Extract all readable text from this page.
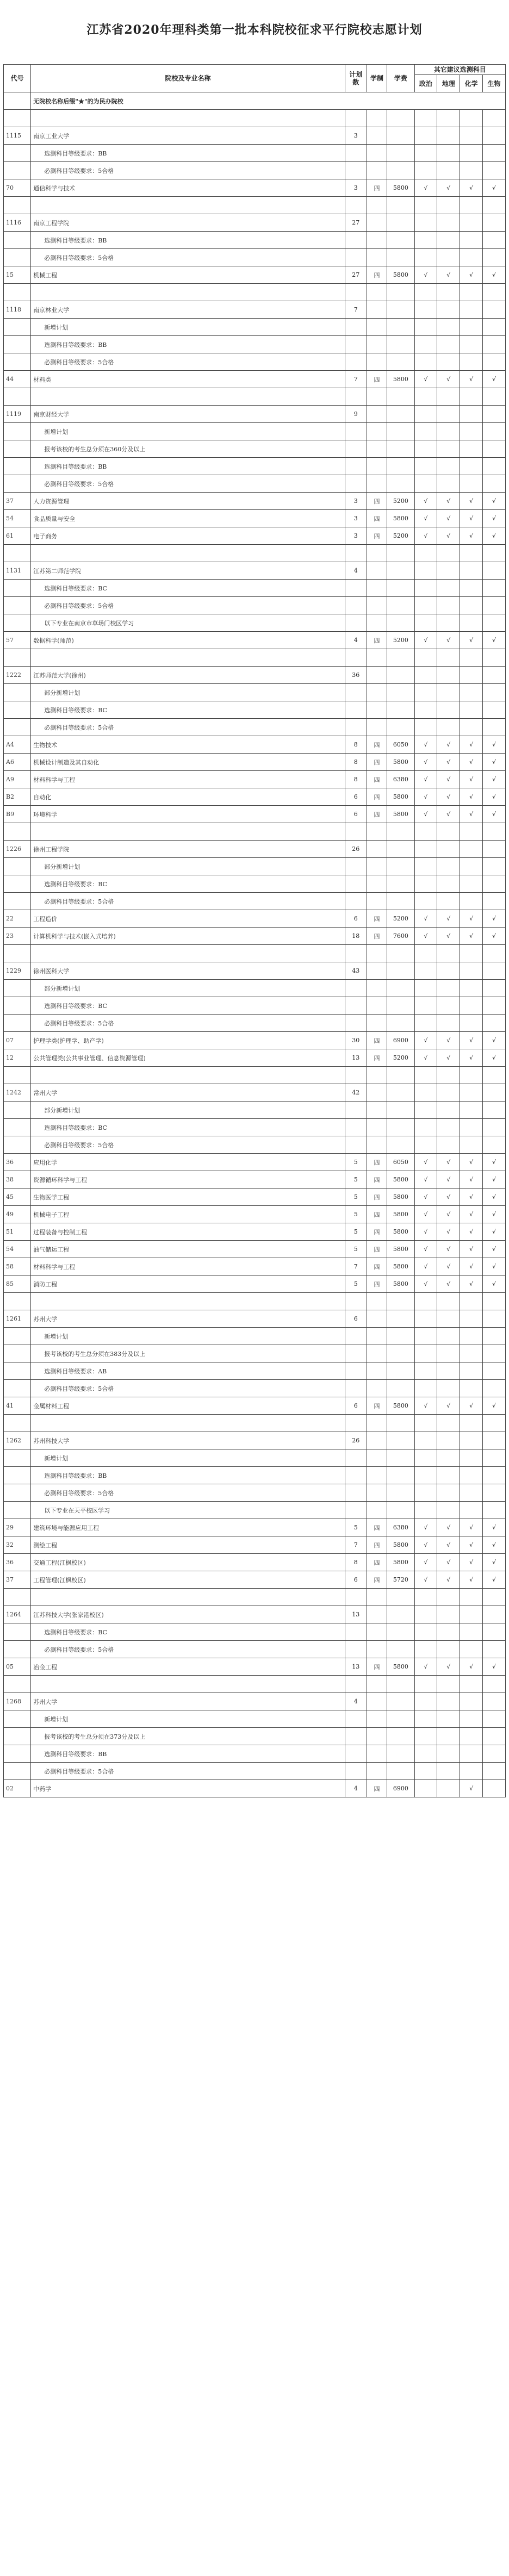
江苏省2020年理科类第一批本科院校征求平行院校志愿计划
代号	院校及专业名称	计划数	学制	学费	其它建议选测科目			
					政治	地理	化学	生物
	无院校名称后缀"★"的为民办院校							

1115	南京工业大学	3						
	选测科目等级要求：BB							
	必测科目等级要求：5合格							
70	通信科学与技术	3	四	5800	√	√	√	√

1116	南京工程学院	27						
	选测科目等级要求：BB							
	必测科目等级要求：5合格							
15	机械工程	27	四	5800	√	√	√	√

1118	南京林业大学	7						
	新增计划							
	选测科目等级要求：BB							
	必测科目等级要求：5合格							
44	材料类	7	四	5800	√	√	√	√

1119	南京财经大学	9						
	新增计划							
	报考该校的考生总分须在360分及以上							
	选测科目等级要求：BB							
	必测科目等级要求：5合格							
37	人力资源管理	3	四	5200	√	√	√	√
54	食品质量与安全	3	四	5800	√	√	√	√
61	电子商务	3	四	5200	√	√	√	√

1131	江苏第二师范学院	4						
	选测科目等级要求：BC							
	必测科目等级要求：5合格							
	以下专业在南京市草场门校区学习							
57	数据科学(师范)	4	四	5200	√	√	√	√

1222	江苏师范大学(徐州)	36						
	部分新增计划							
	选测科目等级要求：BC							
	必测科目等级要求：5合格							
A4	生物技术	8	四	6050	√	√	√	√
A6	机械设计制造及其自动化	8	四	5800	√	√	√	√
A9	材料科学与工程	8	四	6380	√	√	√	√
B2	自动化	6	四	5800	√	√	√	√
B9	环境科学	6	四	5800	√	√	√	√

1226	徐州工程学院	26						
	部分新增计划							
	选测科目等级要求：BC							
	必测科目等级要求：5合格							
22	工程造价	6	四	5200	√	√	√	√
23	计算机科学与技术(嵌入式培养)	18	四	7600	√	√	√	√

1229	徐州医科大学	43						
	部分新增计划							
	选测科目等级要求：BC							
	必测科目等级要求：5合格							
07	护理学类(护理学、助产学)	30	四	6900	√	√	√	√
12	公共管理类(公共事业管理、信息资源管理)	13	四	5200	√	√	√	√

1242	常州大学	42						
	部分新增计划							
	选测科目等级要求：BC							
	必测科目等级要求：5合格							
36	应用化学	5	四	6050	√	√	√	√
38	资源循环科学与工程	5	四	5800	√	√	√	√
45	生物医学工程	5	四	5800	√	√	√	√
49	机械电子工程	5	四	5800	√	√	√	√
51	过程装备与控制工程	5	四	5800	√	√	√	√
54	油气储运工程	5	四	5800	√	√	√	√
58	材料科学与工程	7	四	5800	√	√	√	√
85	消防工程	5	四	5800	√	√	√	√

1261	苏州大学	6						
	新增计划							
	报考该校的考生总分须在383分及以上							
	选测科目等级要求：AB							
	必测科目等级要求：5合格							
41	金属材料工程	6	四	5800	√	√	√	√

1262	苏州科技大学	26						
	新增计划							
	选测科目等级要求：BB							
	必测科目等级要求：5合格							
	以下专业在天平校区学习							
29	建筑环境与能源应用工程	5	四	6380	√	√	√	√
32	测绘工程	7	四	5800	√	√	√	√
36	交通工程(江枫校区)	8	四	5800	√	√	√	√
37	工程管理(江枫校区)	6	四	5720	√	√	√	√

1264	江苏科技大学(张家港校区)	13						
	选测科目等级要求：BC							
	必测科目等级要求：5合格							
05	冶金工程	13	四	5800	√	√	√	√

1268	苏州大学	4						
	新增计划							
	报考该校的考生总分须在373分及以上							
	选测科目等级要求：BB							
	必测科目等级要求：5合格							
02	中药学	4	四	6900			√	
